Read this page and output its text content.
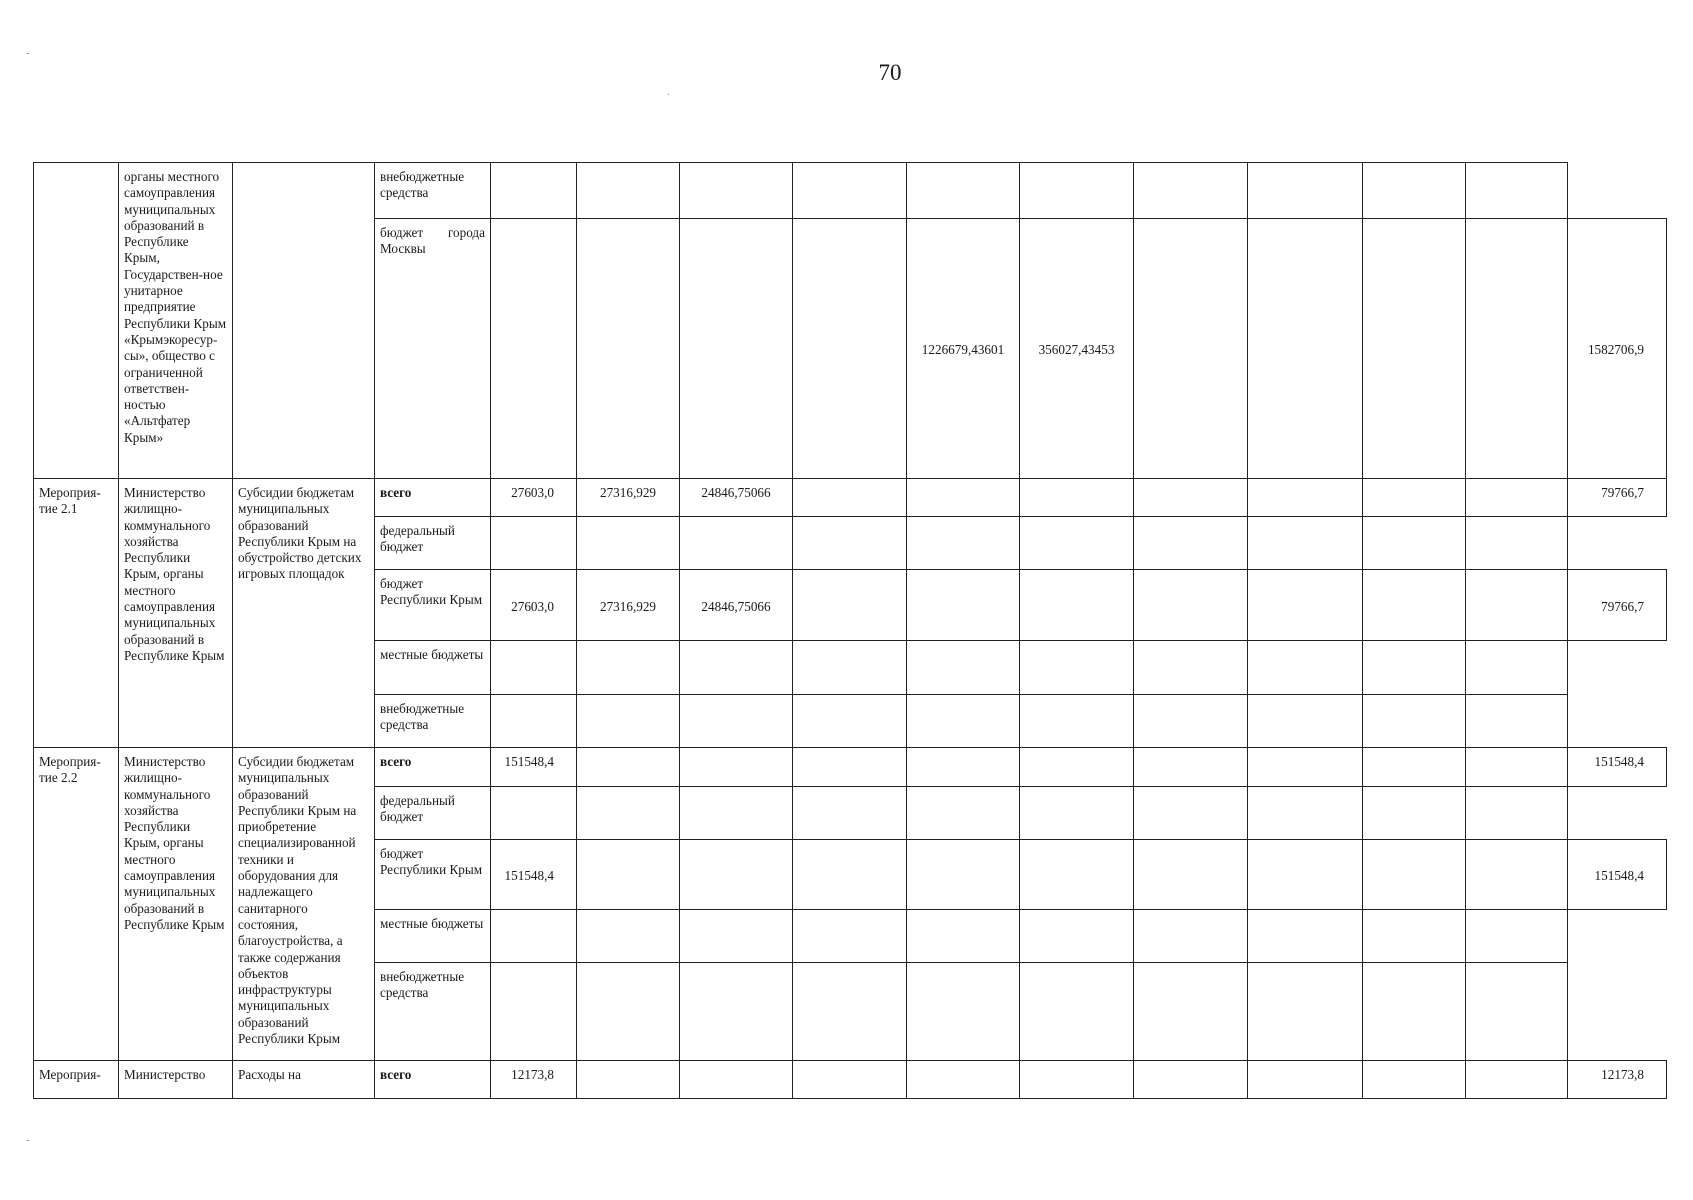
70
	органы местного самоуправления муниципальных образований в Республике Крым, Государствен-ное унитарное предприятие Республики Крым «Крымэкоресур-сы», общество с ограниченной ответствен-ностью «Альтфатер Крым»		внебюджетные средства											

			бюджет города Москвы					1226679,43601	356027,43453					1582706,9
Мероприя-тие 2.1	Министерство жилищно-коммунального хозяйства Республики Крым, органы местного самоуправления муниципальных образований в Республике Крым	Субсидии бюджетам муниципальных образований Республики Крым на обустройство детских игровых площадок	всего	27603,0	27316,929	24846,75066								79766,7
			федеральный бюджет											
			бюджет Республики Крым	27603,0	27316,929	24846,75066								79766,7
			местные бюджеты											
			внебюджетные средства											
Мероприя-тие 2.2	Министерство жилищно-коммунального хозяйства Республики Крым, органы местного самоуправления муниципальных образований в Республике Крым	Субсидии бюджетам муниципальных образований Республики Крым на приобретение специализированной техники и оборудования для надлежащего санитарного состояния, благоустройства, а также содержания объектов инфраструктуры муниципальных образований Республики Крым	всего	151548,4										151548,4
			федеральный бюджет											
			бюджет Республики Крым	151548,4										151548,4
			местные бюджеты											
			внебюджетные средства											
Мероприя-	Министерство	Расходы на	всего	12173,8										12173,8
-
·
-
